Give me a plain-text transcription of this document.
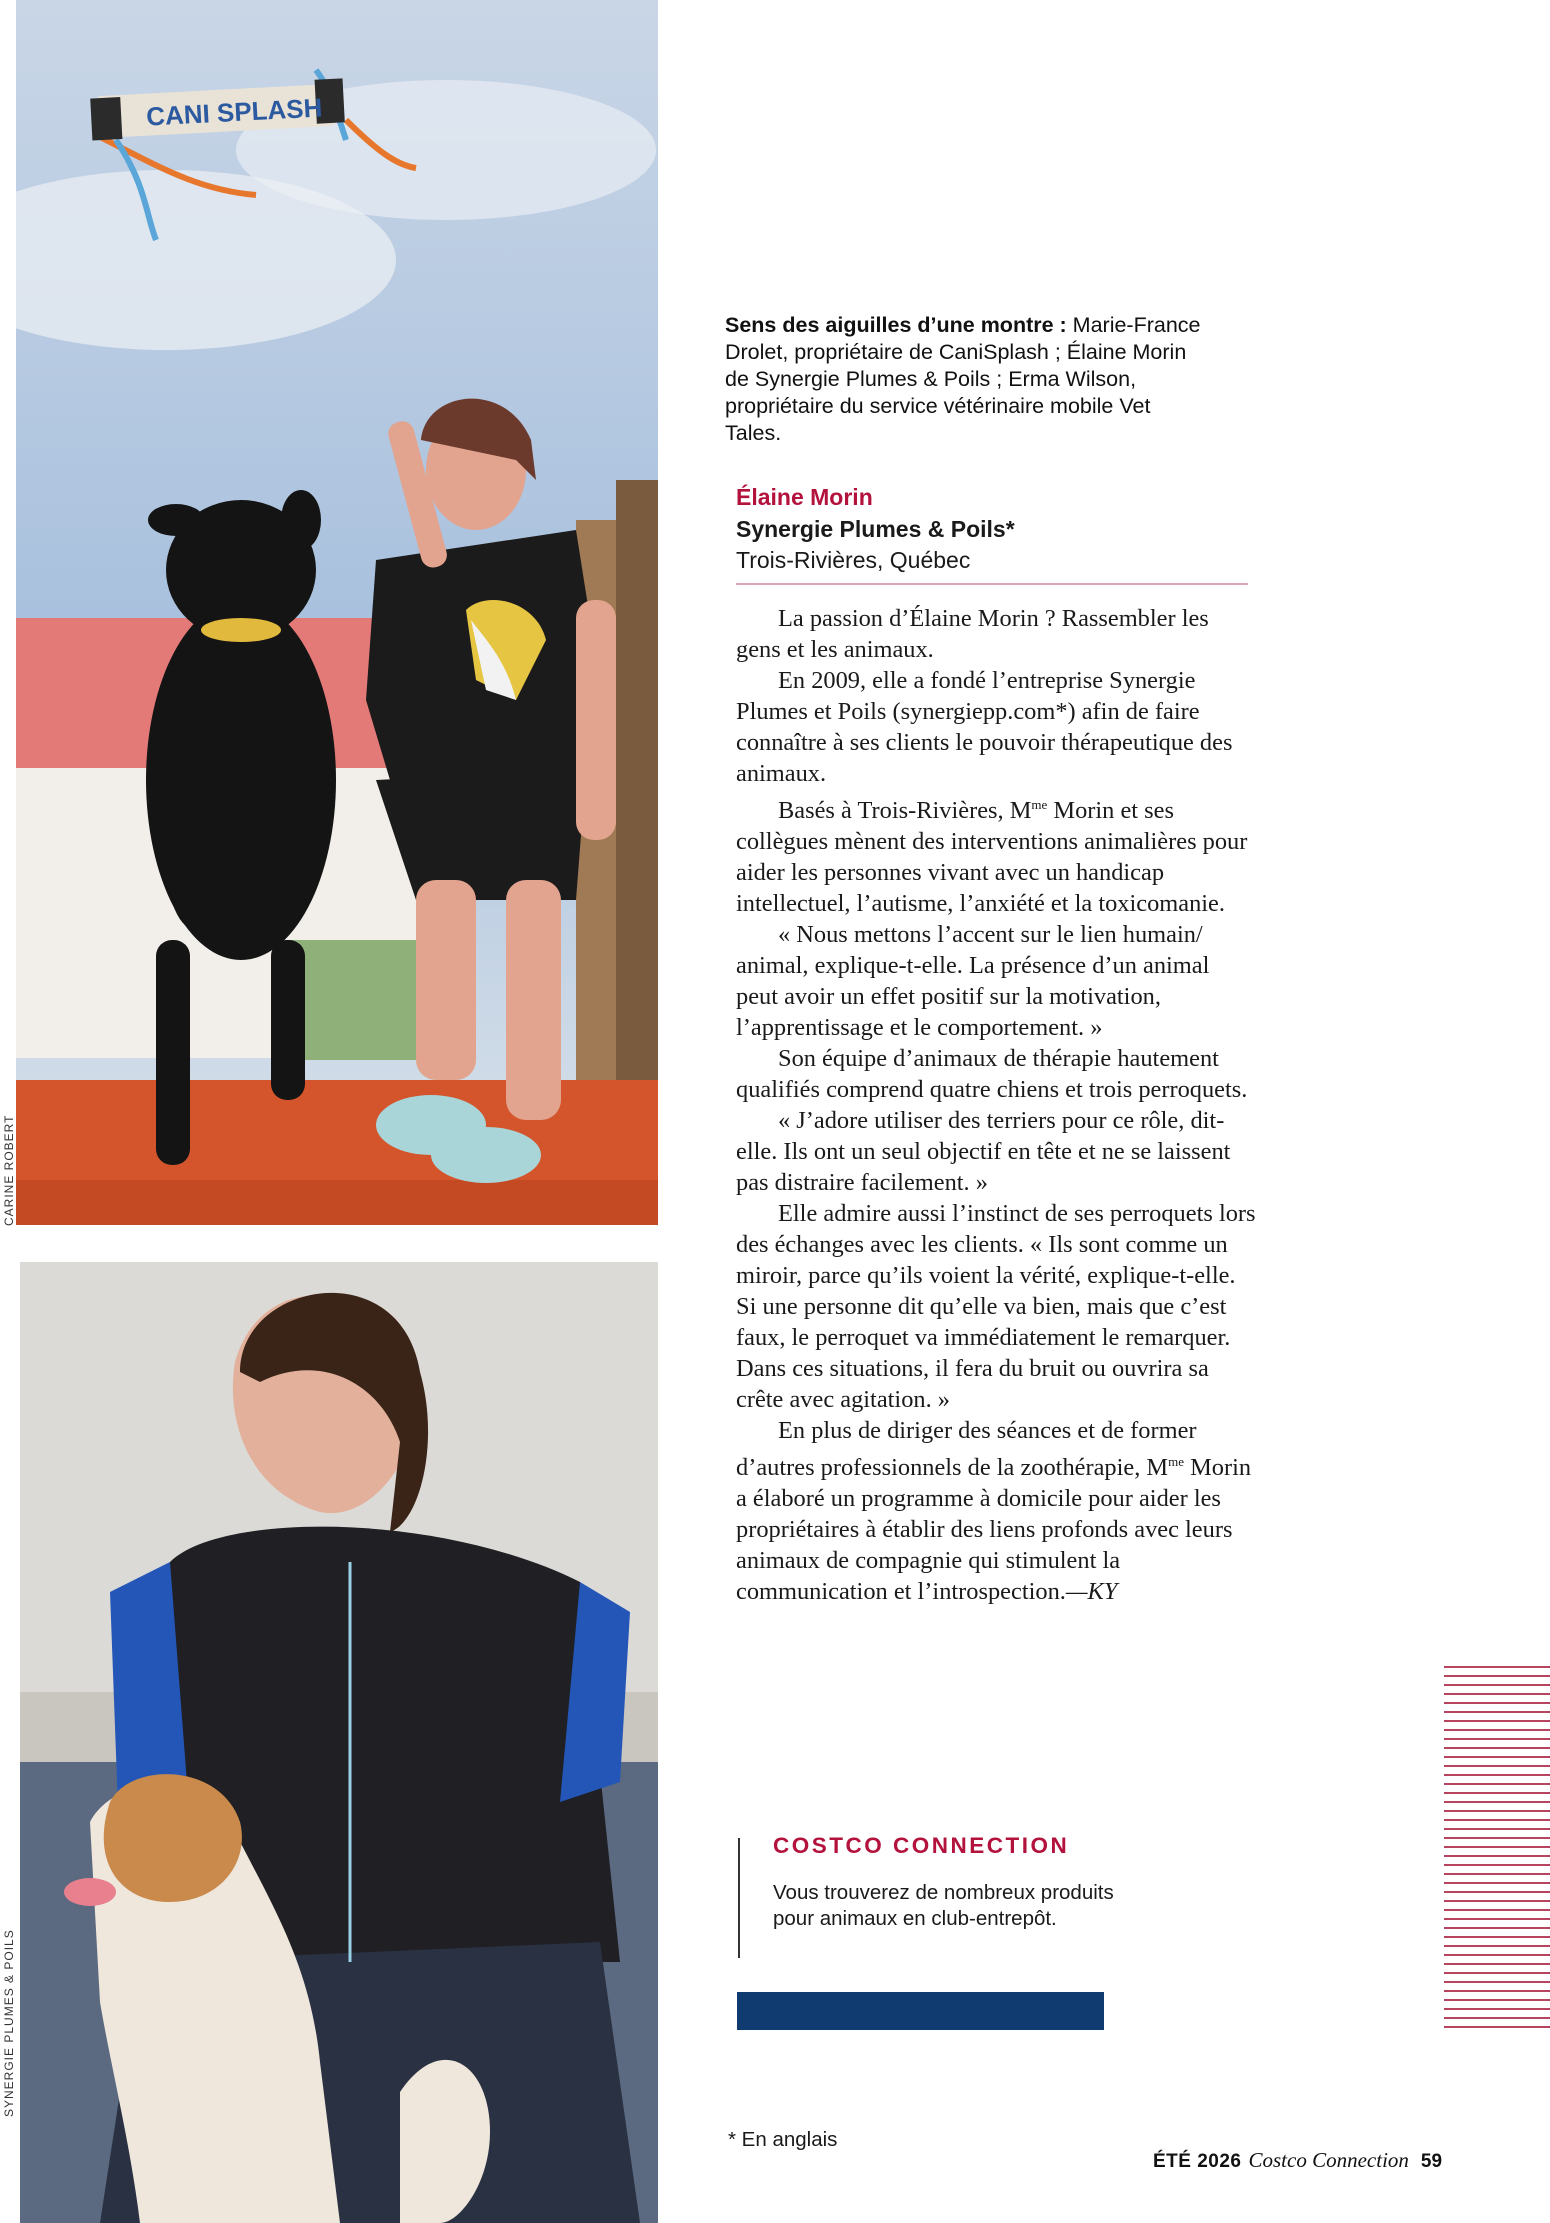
CANI SPLASH
CARINE ROBERT
SYNERGIE PLUMES & POILS
Sens des aiguilles d’une montre : Marie-France Drolet, propriétaire de CaniSplash ; Élaine Morin de Synergie Plumes & Poils ; Erma Wilson, propriétaire du service vétérinaire mobile Vet Tales.
Élaine Morin
Synergie Plumes & Poils*
Trois-Rivières, Québec

La passion d’Élaine Morin ? Rassembler les gens et les animaux.

En 2009, elle a fondé l’entreprise Synergie Plumes et Poils (synergiepp.com*) afin de faire connaître à ses clients le pouvoir thérapeutique des animaux.

Basés à Trois-Rivières, $M^{me}$ Morin et ses collègues mènent des interventions animalières pour aider les personnes vivant avec un handicap intellectuel, l’autisme, l’anxiété et la toxicomanie.

« Nous mettons l’accent sur le lien humain/ animal, explique-t-elle. La présence d’un animal peut avoir un effet positif sur la motivation, l’apprentissage et le comportement. »

Son équipe d’animaux de thérapie hautement qualifiés comprend quatre chiens et trois perroquets.

« J’adore utiliser des terriers pour ce rôle, dit-elle. Ils ont un seul objectif en tête et ne se laissent pas distraire facilement. »

Elle admire aussi l’instinct de ses perroquets lors des échanges avec les clients. « Ils sont comme un miroir, parce qu’ils voient la vérité, explique-t-elle. Si une personne dit qu’elle va bien, mais que c’est faux, le perroquet va immédiatement le remarquer. Dans ces situations, il fera du bruit ou ouvrira sa crête avec agitation. »

En plus de diriger des séances et de former d’autres professionnels de la zoothérapie, $M^{me}$ Morin a élaboré un programme à domicile pour aider les propriétaires à établir des liens profonds avec leurs animaux de compagnie qui stimulent la communication et l’introspection.—KY

COSTCO CONNECTION
Vous trouverez de nombreux produits pour animaux en club-entrepôt.
* En anglais
ÉTÉ 2026 Costco Connection 59
